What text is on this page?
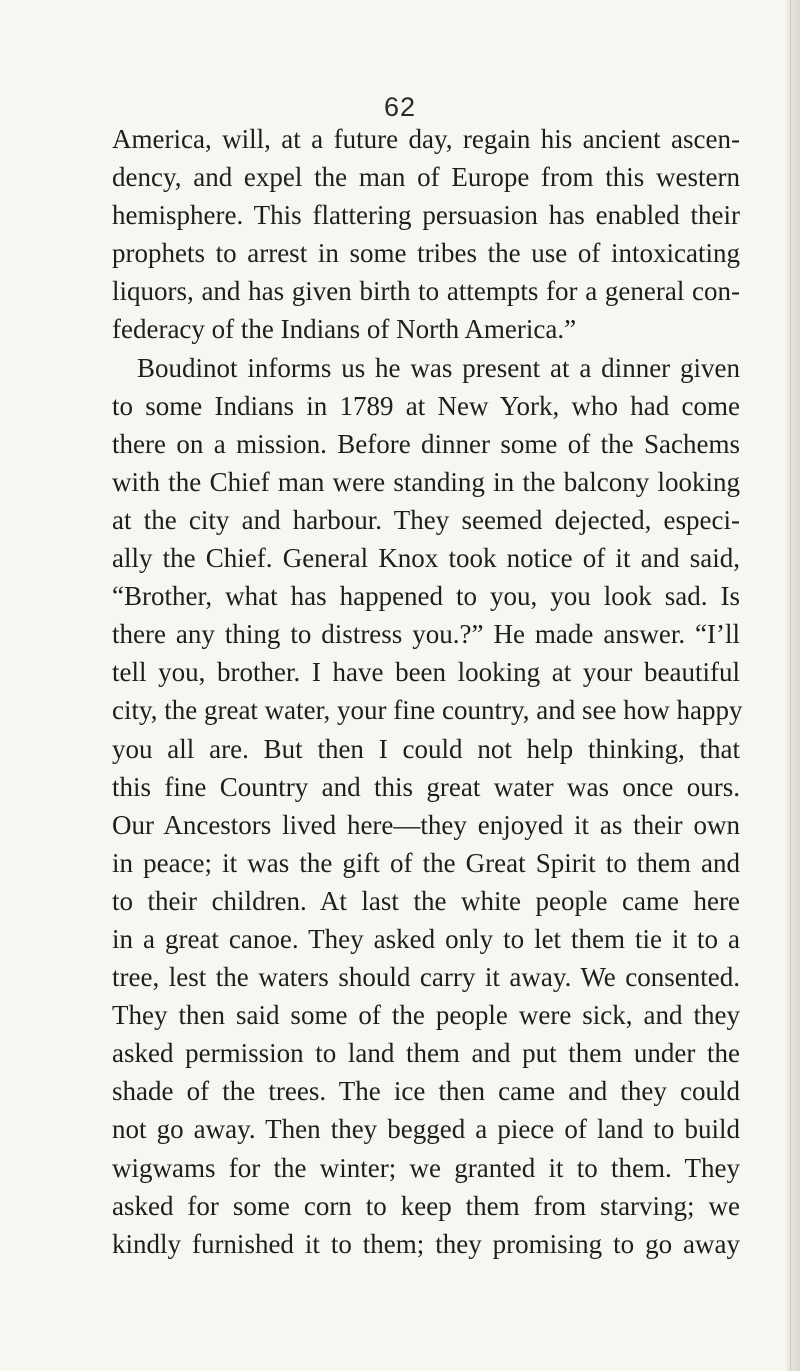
62
America, will, at a future day, regain his ancient ascen-
dency, and expel the man of Europe from this western
hemisphere. This flattering persuasion has enabled their
prophets to arrest in some tribes the use of intoxicating
liquors, and has given birth to attempts for a general con-
federacy of the Indians of North America.”
Boudinot informs us he was present at a dinner given
to some Indians in 1789 at New York, who had come
there on a mission. Before dinner some of the Sachems
with the Chief man were standing in the balcony looking
at the city and harbour. They seemed dejected, especi-
ally the Chief. General Knox took notice of it and said,
“Brother, what has happened to you, you look sad. Is
there any thing to distress you.?” He made answer. “I’ll
tell you, brother. I have been looking at your beautiful
city, the great water, your fine country, and see how happy
you all are. But then I could not help thinking, that
this fine Country and this great water was once ours.
Our Ancestors lived here—they enjoyed it as their own
in peace; it was the gift of the Great Spirit to them and
to their children. At last the white people came here
in a great canoe. They asked only to let them tie it to a
tree, lest the waters should carry it away. We consented.
They then said some of the people were sick, and they
asked permission to land them and put them under the
shade of the trees. The ice then came and they could
not go away. Then they begged a piece of land to build
wigwams for the winter; we granted it to them. They
asked for some corn to keep them from starving; we
kindly furnished it to them; they promising to go away
